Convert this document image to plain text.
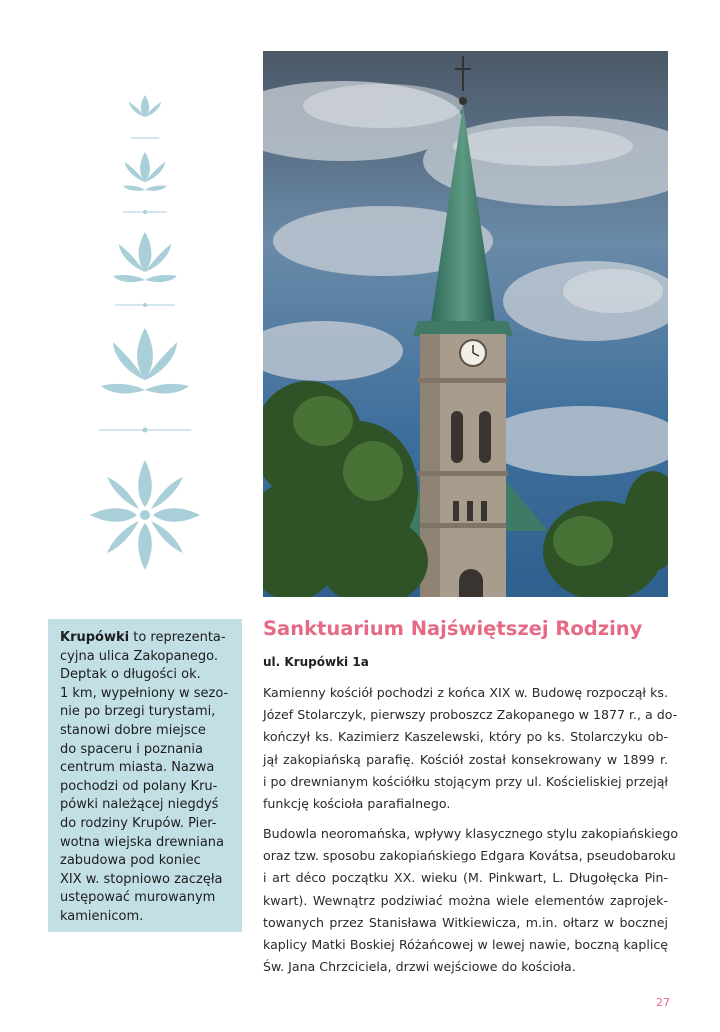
Krupówki to reprezenta-
cyjna ulica Zakopanego.
Deptak o długości ok.
1 km, wypełniony w sezo-
nie po brzegi turystami,
stanowi dobre miejsce
do spaceru i poznania
centrum miasta. Nazwa
pochodzi od polany Kru-
pówki należącej niegdyś
do rodziny Krupów. Pier-
wotna wiejska drewniana
zabudowa pod koniec
XIX w. stopniowo zaczęła
ustępować murowanym
kamienicom.
Sanktuarium Najświętszej Rodziny
ul. Krupówki 1a
Kamienny kościół pochodzi z końca XIX w. Budowę rozpoczął ks.
Józef Stolarczyk, pierwszy proboszcz Zakopanego w 1877 r., a do-
kończył ks. Kazimierz Kaszelewski, który po ks. Stolarczyku ob-
jął zakopiańską parafię. Kościół został konsekrowany w 1899 r.
i po drewnianym kościółku stojącym przy ul. Kościeliskiej przejął
funkcję kościoła parafialnego.
Budowla neoromańska, wpływy klasycznego stylu zakopiańskiego
oraz tzw. sposobu zakopiańskiego Edgara Kovátsa, pseudobaroku
i art déco początku XX. wieku (M. Pinkwart, L. Długołęcka Pin-
kwart). Wewnątrz podziwiać można wiele elementów zaprojek-
towanych przez Stanisława Witkiewicza, m.in. ołtarz w bocznej
kaplicy Matki Boskiej Różańcowej w lewej nawie, boczną kaplicę
Św. Jana Chrzciciela, drzwi wejściowe do kościoła.
27
